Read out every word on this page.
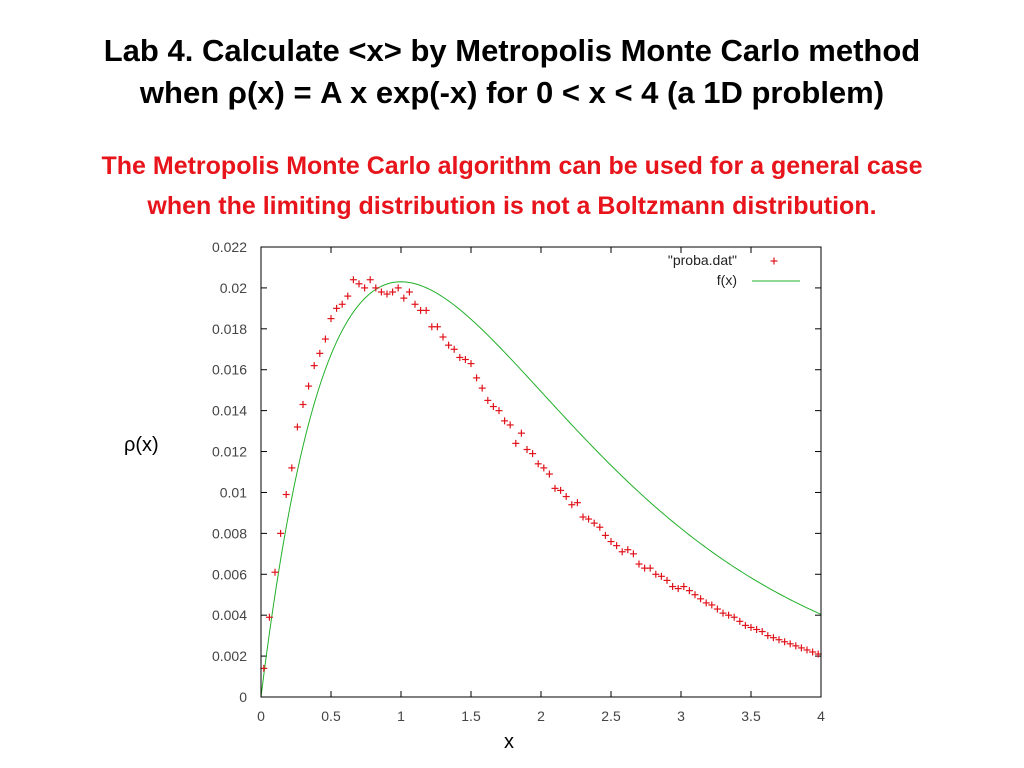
Lab 4. Calculate <x> by Metropolis Monte Carlo method
when ρ(x) = A x exp(-x) for 0 < x < 4 (a 1D problem)
The Metropolis Monte Carlo algorithm can be used for a general case
when the limiting distribution is not a Boltzmann distribution.
0	0.5	1	1.5	2	2.5	3	3.5	4
0
0.002
0.004
0.006
0.008
0.01
0.012
0.014
0.016
0.018
0.02
0.022
"proba.dat"
f(x)
ρ(x)
x
